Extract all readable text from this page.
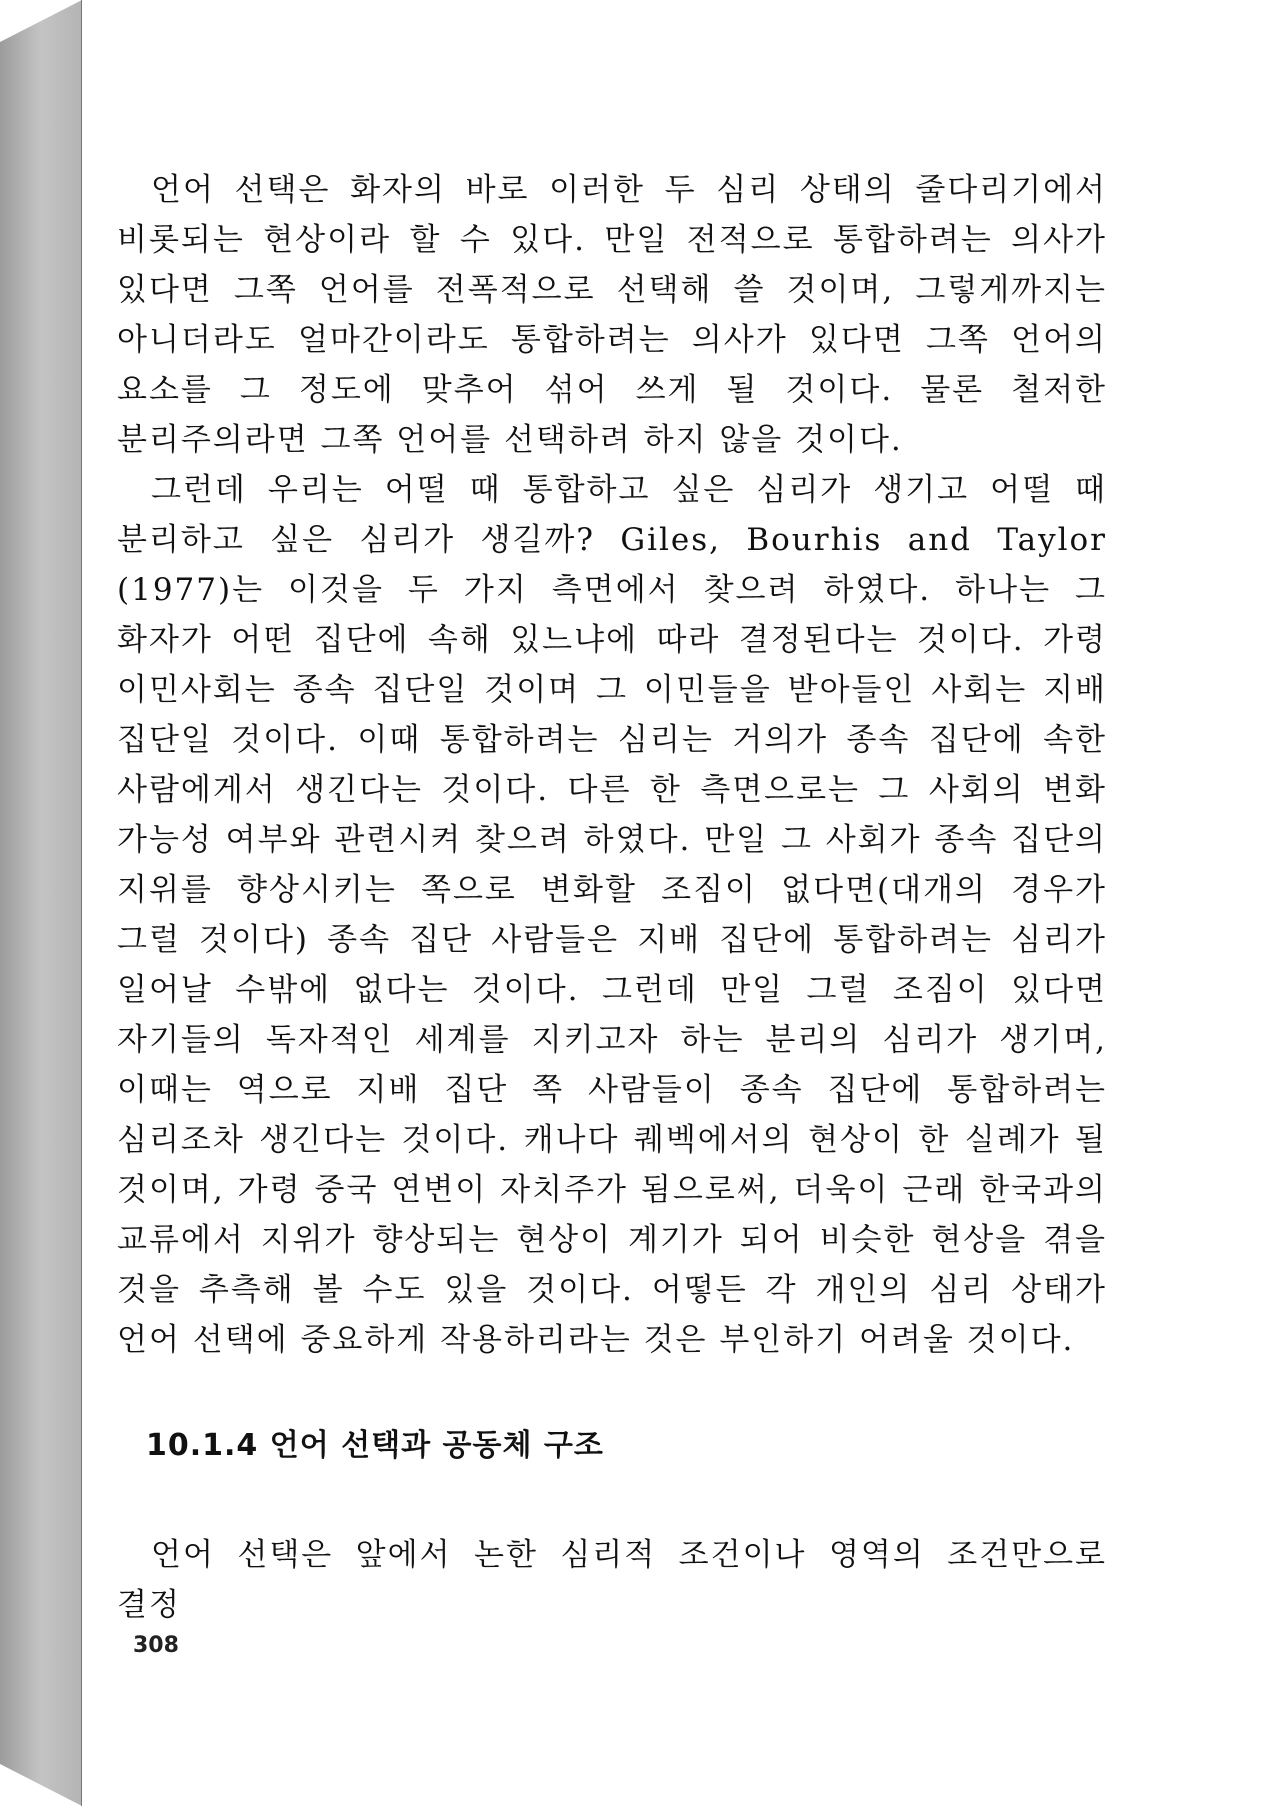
언어 선택은 화자의 바로 이러한 두 심리 상태의 줄다리기에서 비롯되는 현상이라 할 수 있다. 만일 전적으로 통합하려는 의사가 있다면 그쪽 언어를 전폭적으로 선택해 쓸 것이며, 그렇게까지는 아니더라도 얼마간이라도 통합하려는 의사가 있다면 그쪽 언어의 요소를 그 정도에 맞추어 섞어 쓰게 될 것이다. 물론 철저한 분리주의라면 그쪽 언어를 선택하려 하지 않을 것이다.

그런데 우리는 어떨 때 통합하고 싶은 심리가 생기고 어떨 때 분리하고 싶은 심리가 생길까? Giles, Bourhis and Taylor (1977)는 이것을 두 가지 측면에서 찾으려 하였다. 하나는 그 화자가 어떤 집단에 속해 있느냐에 따라 결정된다는 것이다. 가령 이민사회는 종속 집단일 것이며 그 이민들을 받아들인 사회는 지배 집단일 것이다. 이때 통합하려는 심리는 거의가 종속 집단에 속한 사람에게서 생긴다는 것이다. 다른 한 측면으로는 그 사회의 변화 가능성 여부와 관련시켜 찾으려 하였다. 만일 그 사회가 종속 집단의 지위를 향상시키는 쪽으로 변화할 조짐이 없다면(대개의 경우가 그럴 것이다) 종속 집단 사람들은 지배 집단에 통합하려는 심리가 일어날 수밖에 없다는 것이다. 그런데 만일 그럴 조짐이 있다면 자기들의 독자적인 세계를 지키고자 하는 분리의 심리가 생기며, 이때는 역으로 지배 집단 쪽 사람들이 종속 집단에 통합하려는 심리조차 생긴다는 것이다. 캐나다 퀘벡에서의 현상이 한 실례가 될 것이며, 가령 중국 연변이 자치주가 됨으로써, 더욱이 근래 한국과의 교류에서 지위가 향상되는 현상이 계기가 되어 비슷한 현상을 겪을 것을 추측해 볼 수도 있을 것이다. 어떻든 각 개인의 심리 상태가 언어 선택에 중요하게 작용하리라는 것은 부인하기 어려울 것이다.

10.1.4 언어 선택과 공동체 구조

언어 선택은 앞에서 논한 심리적 조건이나 영역의 조건만으로 결정

308
